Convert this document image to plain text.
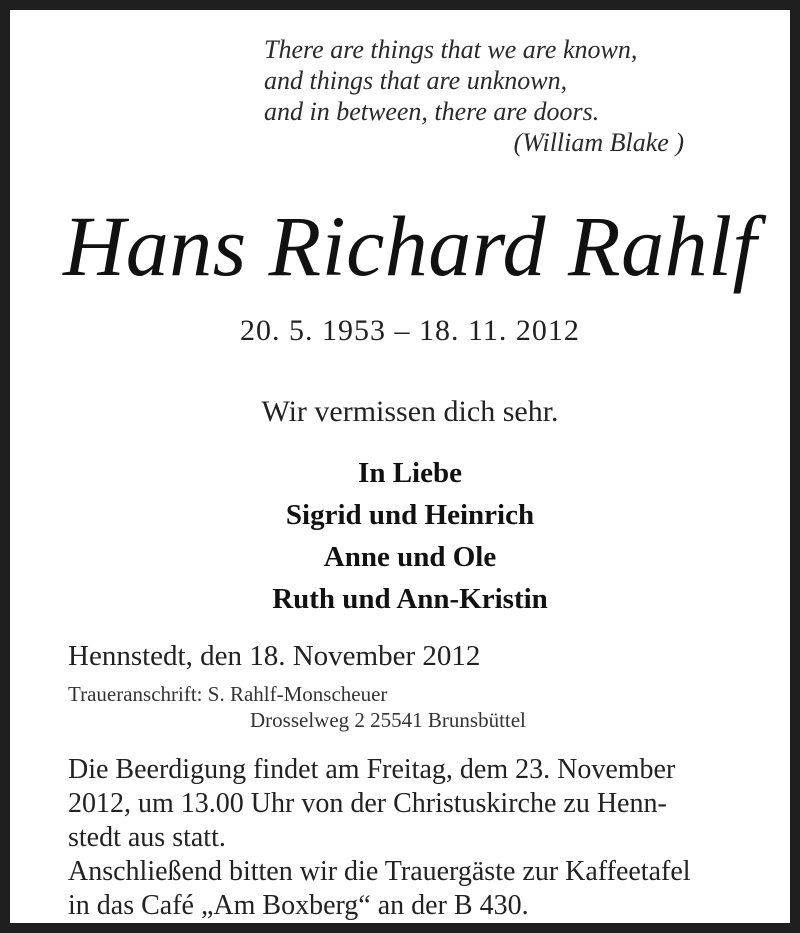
There are things that we are known,
and things that are unknown,
and in between, there are doors.
(William Blake )
Hans Richard Rahlf
20. 5. 1953 – 18. 11. 2012
Wir vermissen dich sehr.
In Liebe
Sigrid und Heinrich
Anne und Ole
Ruth und Ann-Kristin
Hennstedt, den 18. November 2012
Traueranschrift: S. Rahlf-Monscheuer
Drosselweg 2 25541 Brunsbüttel
Die Beerdigung findet am Freitag, dem 23. November
2012, um 13.00 Uhr von der Christuskirche zu Henn-
stedt aus statt.
Anschließend bitten wir die Trauergäste zur Kaffeetafel
in das Café „Am Boxberg“ an der B 430.
